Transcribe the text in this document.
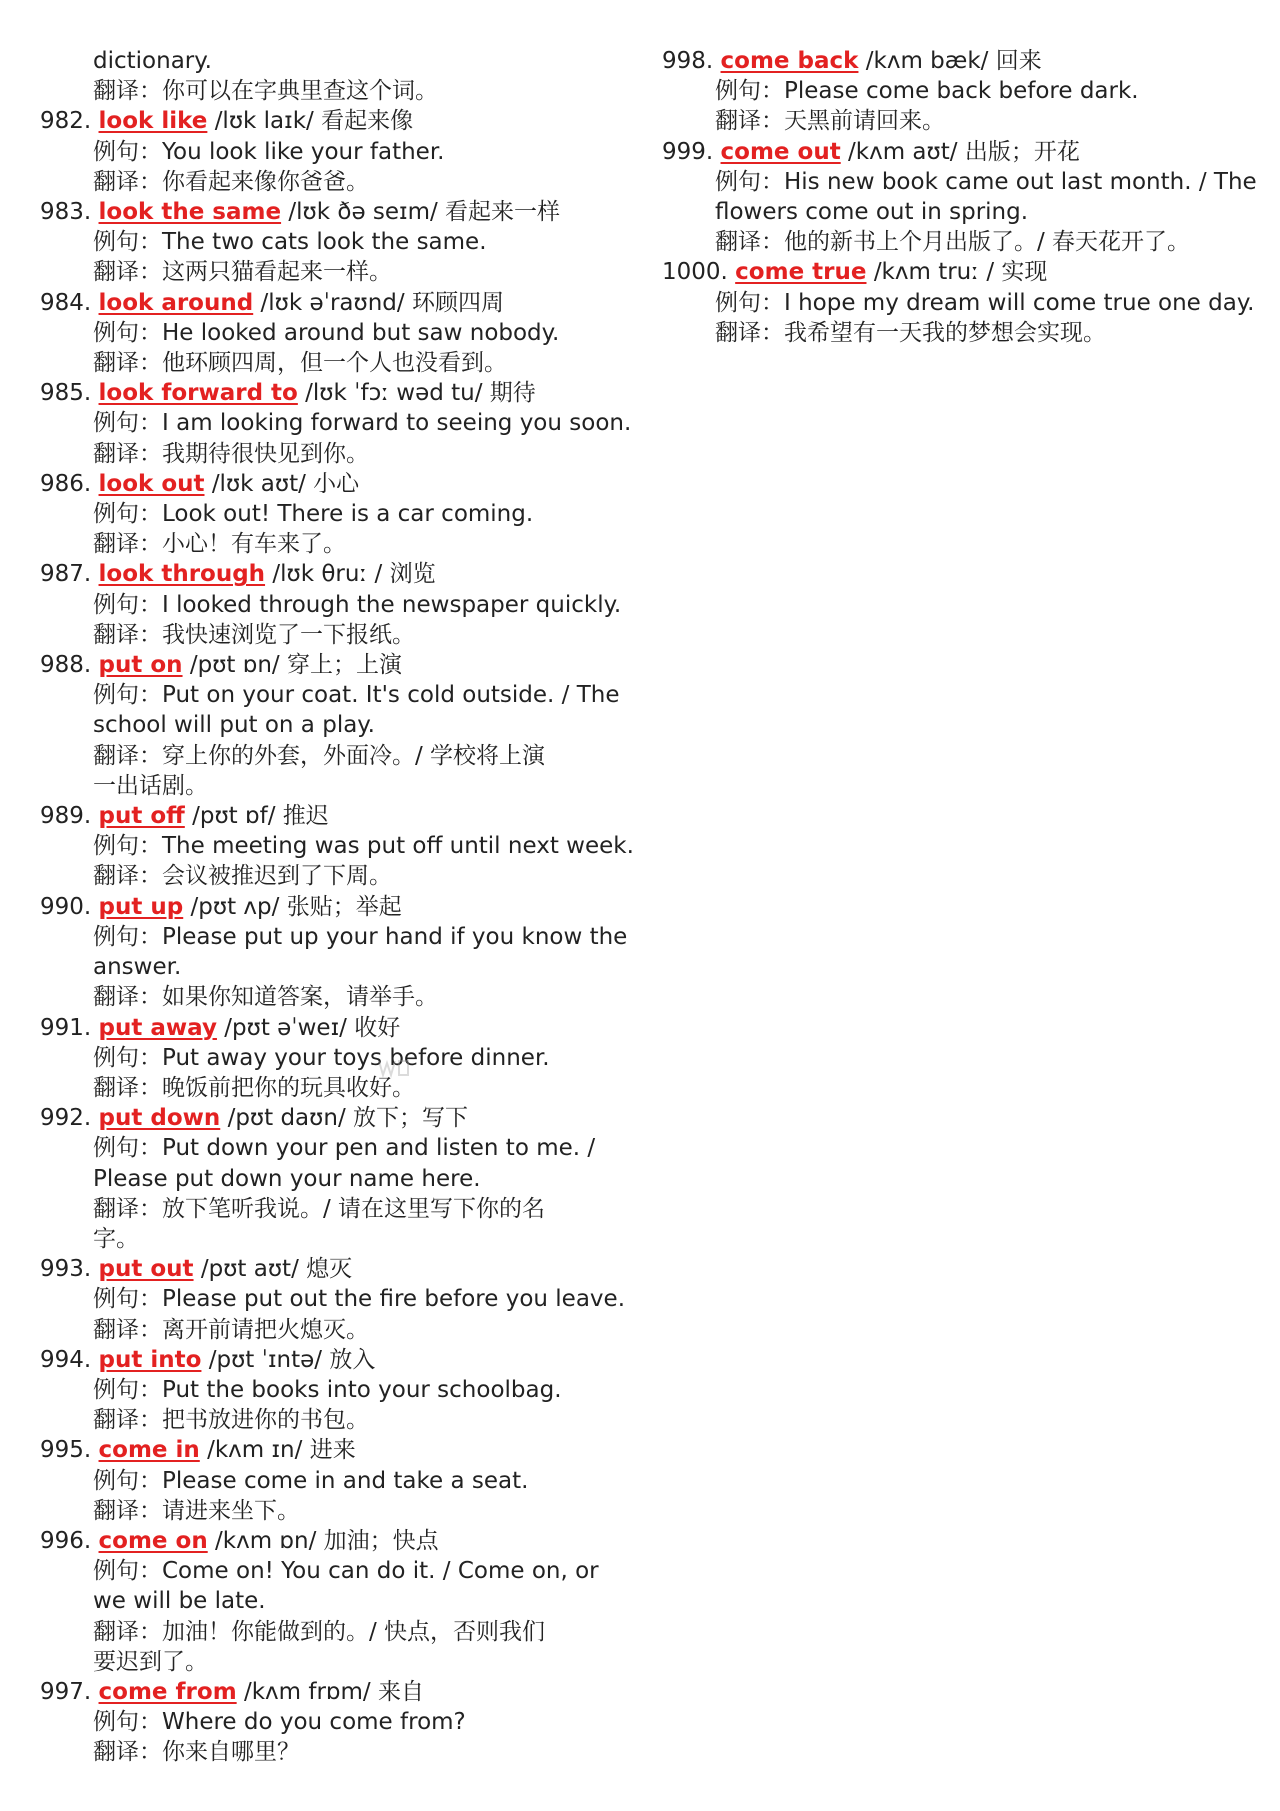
dictionary.
翻译：你可以在字典里查这个词。
982. look like /lʊk laɪk/ 看起来像
例句：You look like your father.
翻译：你看起来像你爸爸。
983. look the same /lʊk ðə seɪm/ 看起来一样
例句：The two cats look the same.
翻译：这两只猫看起来一样。
984. look around /lʊk əˈraʊnd/ 环顾四周
例句：He looked around but saw nobody.
翻译：他环顾四周，但一个人也没看到。
985. look forward to /lʊk ˈfɔː wəd tu/ 期待
例句：I am looking forward to seeing you soon.
翻译：我期待很快见到你。
986. look out /lʊk aʊt/ 小心
例句：Look out! There is a car coming.
翻译：小心！有车来了。
987. look through /lʊk θruː / 浏览
例句：I looked through the newspaper quickly.
翻译：我快速浏览了一下报纸。
988. put on /pʊt ɒn/ 穿上；上演
例句：Put on your coat. It's cold outside. / The
school will put on a play.
翻译：穿上你的外套，外面冷。/ 学校将上演
一出话剧。
989. put off /pʊt ɒf/ 推迟
例句：The meeting was put off until next week.
翻译：会议被推迟到了下周。
990. put up /pʊt ʌp/ 张贴；举起
例句：Please put up your hand if you know the
answer.
翻译：如果你知道答案，请举手。
991. put away /pʊt əˈweɪ/ 收好
例句：Put away your toys before dinner.
翻译：晚饭前把你的玩具收好。
992. put down /pʊt daʊn/ 放下；写下
例句：Put down your pen and listen to me. /
Please put down your name here.
翻译：放下笔听我说。/ 请在这里写下你的名
字。
993. put out /pʊt aʊt/ 熄灭
例句：Please put out the fire before you leave.
翻译：离开前请把火熄灭。
994. put into /pʊt ˈɪntə/ 放入
例句：Put the books into your schoolbag.
翻译：把书放进你的书包。
995. come in /kʌm ɪn/ 进来
例句：Please come in and take a seat.
翻译：请进来坐下。
996. come on /kʌm ɒn/ 加油；快点
例句：Come on! You can do it. / Come on, or
we will be late.
翻译：加油！你能做到的。/ 快点，否则我们
要迟到了。
997. come from /kʌm frɒm/ 来自
例句：Where do you come from?
翻译：你来自哪里？
998. come back /kʌm bæk/ 回来
例句：Please come back before dark.
翻译：天黑前请回来。
999. come out /kʌm aʊt/ 出版；开花
例句：His new book came out last month. / The
flowers come out in spring.
翻译：他的新书上个月出版了。/ 春天花开了。
1000. come true /kʌm truː / 实现
例句：I hope my dream will come true one day.
翻译：我希望有一天我的梦想会实现。
